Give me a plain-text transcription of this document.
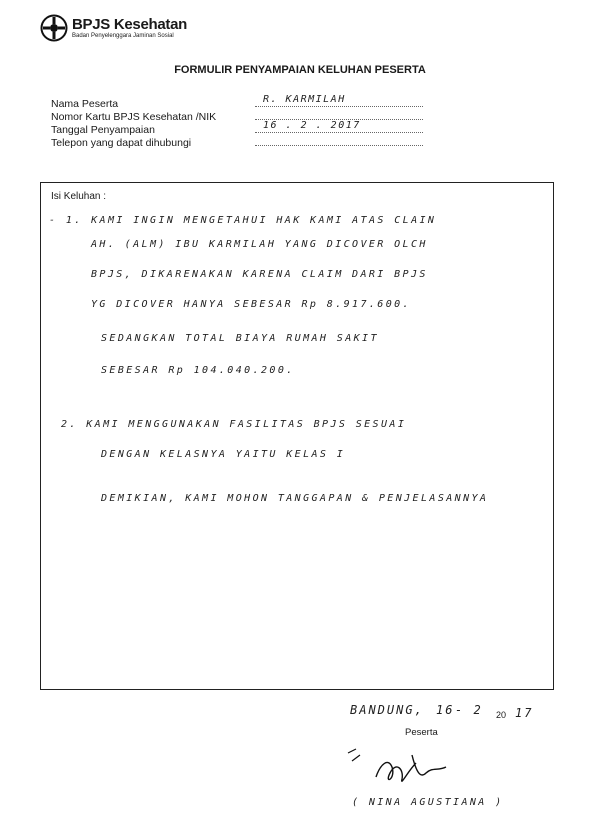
BPJS Kesehatan
Badan Penyelenggara Jaminan Sosial
FORMULIR PENYAMPAIAN KELUHAN PESERTA
Nama Peserta	R. KARMILAH
Nomor Kartu BPJS Kesehatan /NIK
Tanggal Penyampaian	16 . 2 . 2017
Telepon yang dapat dihubungi
Isi Keluhan :
- 1. KAMI INGIN MENGETAHUI HAK KAMI ATAS CLAIN
AH. (ALM) IBU KARMILAH YANG DICOVER OLCH
BPJS, DIKARENAKAN KARENA CLAIM DARI BPJS
YG DICOVER HANYA SEBESAR Rp 8.917.600.
SEDANGKAN TOTAL BIAYA RUMAH SAKIT
SEBESAR Rp 104.040.200.
2. KAMI MENGGUNAKAN FASILITAS BPJS SESUAI
DENGAN KELASNYA YAITU KELAS I
DEMIKIAN, KAMI MOHON TANGGAPAN & PENJELASANNYA
BANDUNG, 16 - 2 20 17
Peserta
( NINA AGUSTIANA )
